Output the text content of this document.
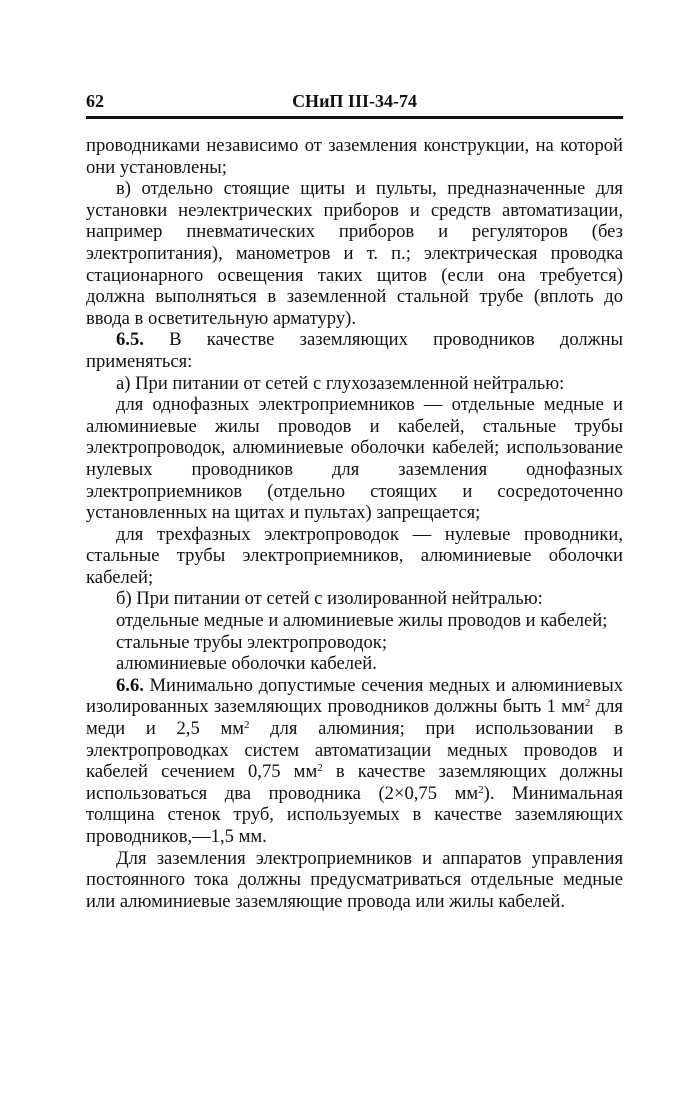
62	СНиП III-34-74

проводниками независимо от заземления конструкции, на которой они установлены;

в) отдельно стоящие щиты и пульты, предназначенные для установки неэлектрических приборов и средств автоматизации, например пневматических приборов и регуляторов (без электропитания), манометров и т. п.; электрическая проводка стационарного освещения таких щитов (если она требуется) должна выполняться в заземленной стальной трубе (вплоть до ввода в осветительную арматуру).

6.5. В качестве заземляющих проводников должны применяться:

а) При питании от сетей с глухозаземленной нейтралью:

для однофазных электроприемников — отдельные медные и алюминиевые жилы проводов и кабелей, стальные трубы электропроводок, алюминиевые оболочки кабелей; использование нулевых проводников для заземления однофазных электроприемников (отдельно стоящих и сосредоточенно установленных на щитах и пультах) запрещается;

для трехфазных электропроводок — нулевые проводники, стальные трубы электроприемников, алюминиевые оболочки кабелей;

б) При питании от сетей с изолированной нейтралью:

отдельные медные и алюминиевые жилы проводов и кабелей;

стальные трубы электропроводок;

алюминиевые оболочки кабелей.

6.6. Минимально допустимые сечения медных и алюминиевых изолированных заземляющих проводников должны быть 1 $мм^2$ для меди и 2,5 $мм^2$ для алюминия; при использовании в электропроводках систем автоматизации медных проводов и кабелей сечением 0,75 $мм^2$ в качестве заземляющих должны использоваться два проводника (2×0,75 $мм^2$). Минимальная толщина стенок труб, используемых в качестве заземляющих проводников,—1,5 мм.

Для заземления электроприемников и аппаратов управления постоянного тока должны предусматриваться отдельные медные или алюминиевые заземляющие провода или жилы кабелей.
